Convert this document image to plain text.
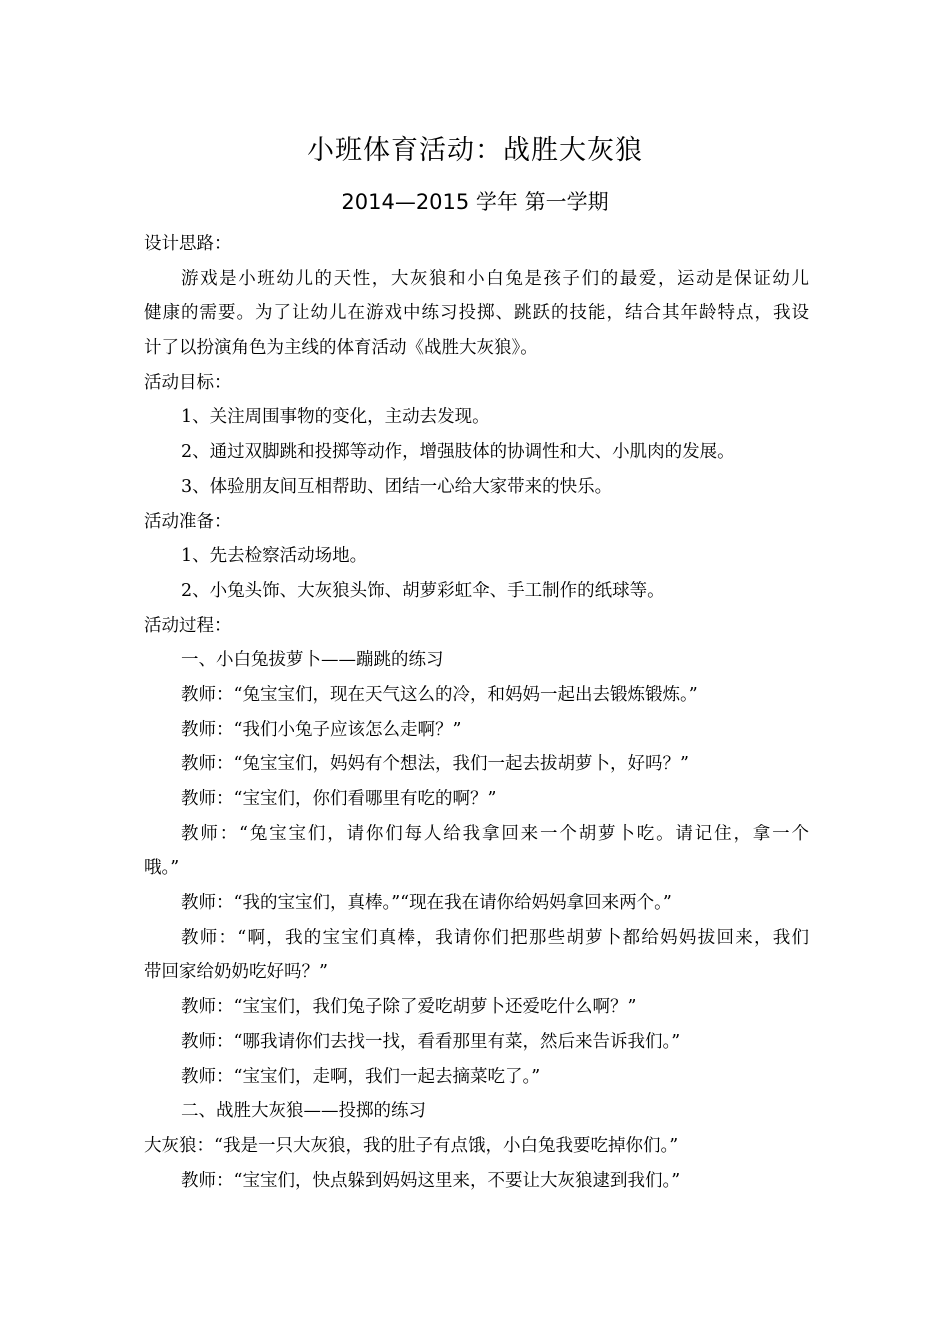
小班体育活动：战胜大灰狼
2014—2015 学年 第一学期
设计思路：
游戏是小班幼儿的天性，大灰狼和小白兔是孩子们的最爱，运动是保证幼儿
健康的需要。为了让幼儿在游戏中练习投掷、跳跃的技能，结合其年龄特点，我设
计了以扮演角色为主线的体育活动《战胜大灰狼》。
活动目标：
1、关注周围事物的变化，主动去发现。
2、通过双脚跳和投掷等动作，增强肢体的协调性和大、小肌肉的发展。
3、体验朋友间互相帮助、团结一心给大家带来的快乐。
活动准备：
1、先去检察活动场地。
2、小兔头饰、大灰狼头饰、胡萝彩虹伞、手工制作的纸球等。
活动过程：
一、小白兔拔萝卜——蹦跳的练习
教师：“兔宝宝们，现在天气这么的冷，和妈妈一起出去锻炼锻炼。”
教师：“我们小兔子应该怎么走啊？”
教师：“兔宝宝们，妈妈有个想法，我们一起去拔胡萝卜，好吗？”
教师：“宝宝们，你们看哪里有吃的啊？”
教师：“兔宝宝们，请你们每人给我拿回来一个胡萝卜吃。请记住，拿一个
哦。”
教师：“我的宝宝们，真棒。”“现在我在请你给妈妈拿回来两个。”
教师：“啊，我的宝宝们真棒，我请你们把那些胡萝卜都给妈妈拔回来，我们
带回家给奶奶吃好吗？”
教师：“宝宝们，我们兔子除了爱吃胡萝卜还爱吃什么啊？”
教师：“哪我请你们去找一找，看看那里有菜，然后来告诉我们。”
教师：“宝宝们，走啊，我们一起去摘菜吃了。”
二、战胜大灰狼——投掷的练习
大灰狼：“我是一只大灰狼，我的肚子有点饿，小白兔我要吃掉你们。”
教师：“宝宝们，快点躲到妈妈这里来，不要让大灰狼逮到我们。”
